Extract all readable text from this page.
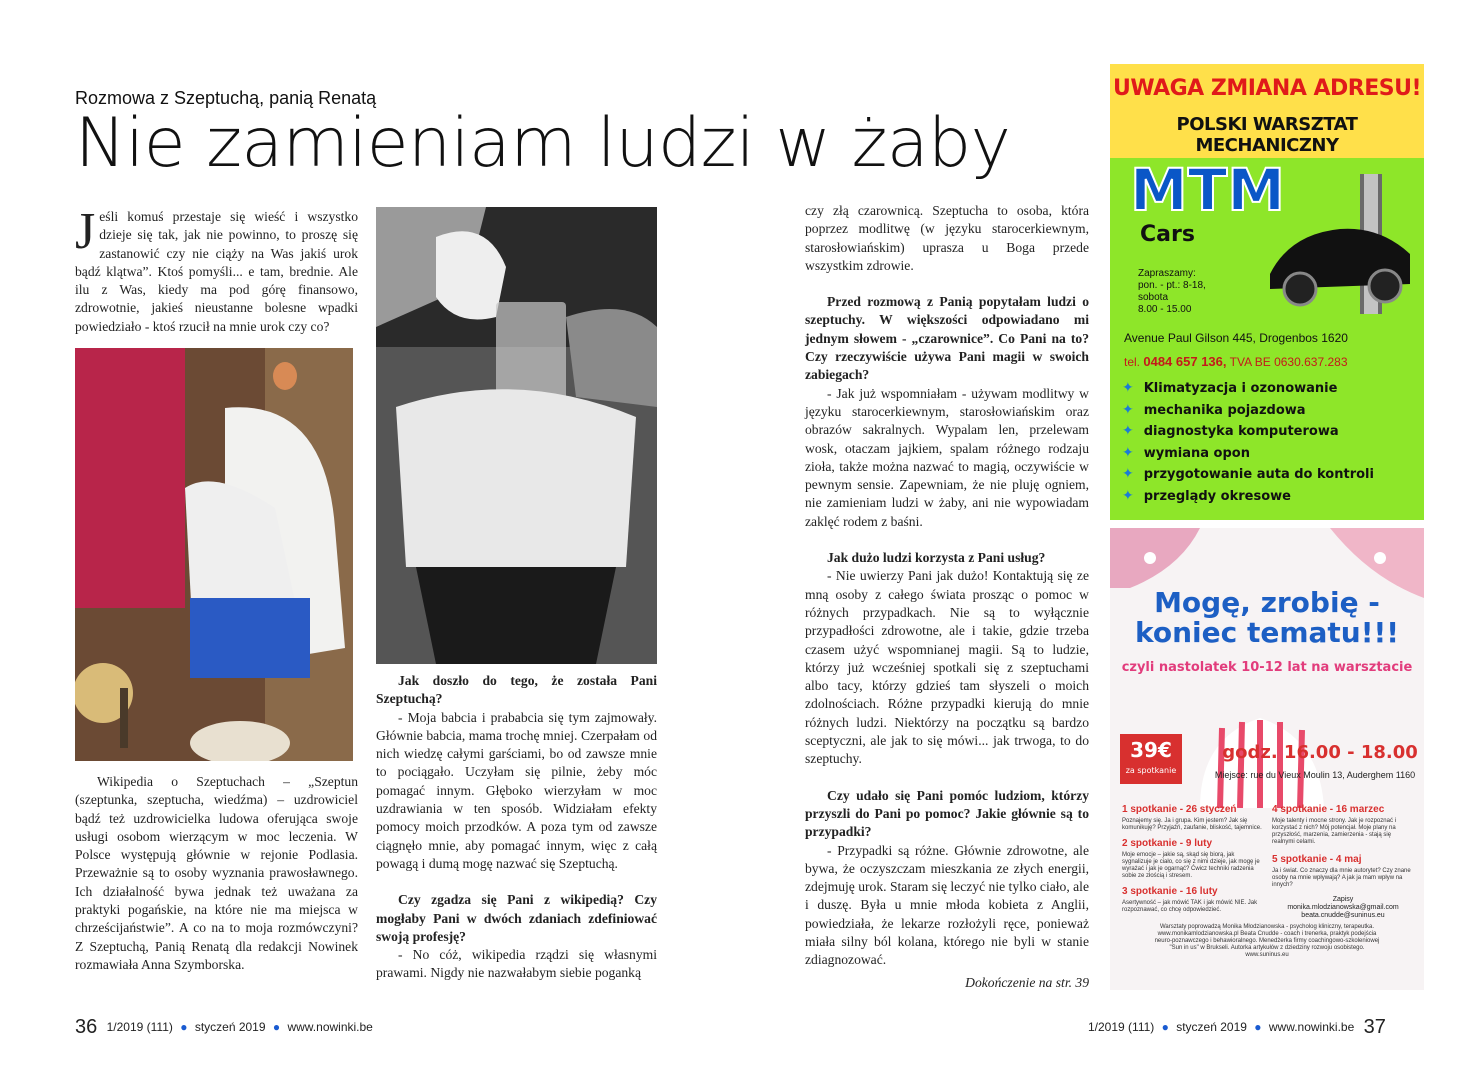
Rozmowa z Szeptuchą, panią Renatą
Nie zamieniam ludzi w żaby
Jeśli komuś przestaje się wieść i wszystko dzieje się tak, jak nie powinno, to proszę się zastanowić czy nie ciąży na Was jakiś urok bądź klątwa”. Ktoś pomyśli... e tam, brednie. Ale ilu z Was, kiedy ma pod górę finansowo, zdrowotnie, jakieś nieustanne bolesne wpadki powiedziało - ktoś rzucił na mnie urok czy co?

Wikipedia o Szeptuchach – „Szeptun (szeptunka, szeptucha, wiedźma) – uzdrowiciel bądź też uzdrowicielka ludowa oferująca swoje usługi osobom wierzącym w moc leczenia. W Polsce występują głównie w rejonie Podlasia. Przeważnie są to osoby wyznania prawosławnego. Ich działalność bywa jednak też uważana za praktyki pogańskie, na które nie ma miejsca w chrześcijaństwie”. A co na to moja rozmówczyni? Z Szeptuchą, Panią Renatą dla redakcji Nowinek rozmawiała Anna Szymborska.

Jak doszło do tego, że została Pani Szeptuchą?

- Moja babcia i prababcia się tym zajmowały. Głównie babcia, mama trochę mniej. Czerpałam od nich wiedzę całymi garściami, bo od zawsze mnie to pociągało. Uczyłam się pilnie, żeby móc pomagać innym. Głęboko wierzyłam w moc uzdrawiania w ten sposób. Widziałam efekty pomocy moich przodków. A poza tym od zawsze ciągnęło mnie, aby pomagać innym, więc z całą powagą i dumą mogę nazwać się Szeptuchą.

Czy zgadza się Pani z wikipedią? Czy mogłaby Pani w dwóch zdaniach zdefiniować swoją profesję?

- No cóż, wikipedia rządzi się własnymi prawami. Nigdy nie nazwałabym siebie poganką

czy złą czarownicą. Szeptucha to osoba, która poprzez modlitwę (w języku starocerkiewnym, starosłowiańskim) uprasza u Boga przede wszystkim zdrowie.

Przed rozmową z Panią popytałam ludzi o szeptuchy. W większości odpowiadano mi jednym słowem - „czarownice”. Co Pani na to? Czy rzeczywiście używa Pani magii w swoich zabiegach?

- Jak już wspomniałam - używam modlitwy w języku starocerkiewnym, starosłowiańskim oraz obrazów sakralnych. Wypalam len, przelewam wosk, otaczam jajkiem, spalam różnego rodzaju zioła, także można nazwać to magią, oczywiście w pewnym sensie. Zapewniam, że nie pluję ogniem, nie zamieniam ludzi w żaby, ani nie wypowiadam zaklęć rodem z baśni.

Jak dużo ludzi korzysta z Pani usług?

- Nie uwierzy Pani jak dużo! Kontaktują się ze mną osoby z całego świata prosząc o pomoc w różnych przypadkach. Nie są to wyłącznie przypadłości zdrowotne, ale i takie, gdzie trzeba czasem użyć wspomnianej magii. Są to ludzie, którzy już wcześniej spotkali się z szeptuchami albo tacy, którzy gdzieś tam słyszeli o moich zdolnościach. Różne przypadki kierują do mnie różnych ludzi. Niektórzy na początku są bardzo sceptyczni, ale jak to się mówi... jak trwoga, to do szeptuchy.

Czy udało się Pani pomóc ludziom, którzy przyszli do Pani po pomoc? Jakie głównie są to przypadki?

- Przypadki są różne. Głównie zdrowotne, ale bywa, że oczyszczam mieszkania ze złych energii, zdejmuję urok. Staram się leczyć nie tylko ciało, ale i duszę. Była u mnie młoda kobieta z Anglii, powiedziała, że lekarze rozłożyli ręce, ponieważ miała silny ból kolana, którego nie byli w stanie zdiagnozować.

Dokończenie na str. 39

UWAGA ZMIANA ADRESU!
POLSKI WARSZTAT MECHANICZNY
MTM
Cars
Zapraszamy:
pon. - pt.: 8-18,
sobota
8.00 - 15.00
Avenue Paul Gilson 445, Drogenbos 1620
tel. 0484 657 136, TVA BE 0630.637.283
✦ Klimatyzacja i ozonowanie
✦ mechanika pojazdowa
✦ diagnostyka komputerowa
✦ wymiana opon
✦ przygotowanie auta do kontroli
✦ przeglądy okresowe
Mogę, zrobię -
koniec tematu!!!
czyli nastolatek 10-12 lat na warsztacie
39€
za spotkanie
godz. 16.00 - 18.00
Miejsce: rue du Vieux Moulin 13, Auderghem 1160
1 spotkanie - 26 styczeń
Poznajemy się. Ja i grupa. Kim jestem? Jak się komunikuję? Przyjaźń, zaufanie, bliskość, tajemnice.
2 spotkanie - 9 luty
Moje emocje – jakie są, skąd się biorą, jak sygnalizuje je ciało, co się z nimi dzieje, jak mogę je wyrażać i jak je ogarnąć? Ćwicz techniki radzenia sobie ze złością i stresem.
3 spotkanie - 16 luty
Asertywność – jak mówić TAK i jak mówić NIE. Jak rozpoznawać, co chcę odpowiedzieć.
4 spotkanie - 16 marzec
Moje talenty i mocne strony. Jak je rozpoznać i korzystać z nich? Mój potencjał. Moje plany na przyszłość, marzenia, zamierzenia - stają się realnymi celami.
5 spotkanie - 4 maj
Ja i świat. Co znaczy dla mnie autorytet? Czy znane osoby na mnie wpływają? A jak ja mam wpływ na innych?
Zapisy
monika.mlodzianowska@gmail.com
beata.cnudde@suninus.eu
Warsztaty poprowadzą Monika Młodzianowska - psycholog kliniczny, terapeutka. www.monikamlodzianowska.pl Beata Cnudde - coach i trenerka, praktyk podejścia neuro-poznawczego i behawioralnego. Menedżerka firmy coachingowo-szkoleniowej "Sun in us" w Brukseli. Autorka artykułów z dziedziny rozwoju osobistego. www.suninus.eu
36 1/2019 (111) ● styczeń 2019 ● www.nowinki.be	1/2019 (111) ● styczeń 2019 ● www.nowinki.be 37
